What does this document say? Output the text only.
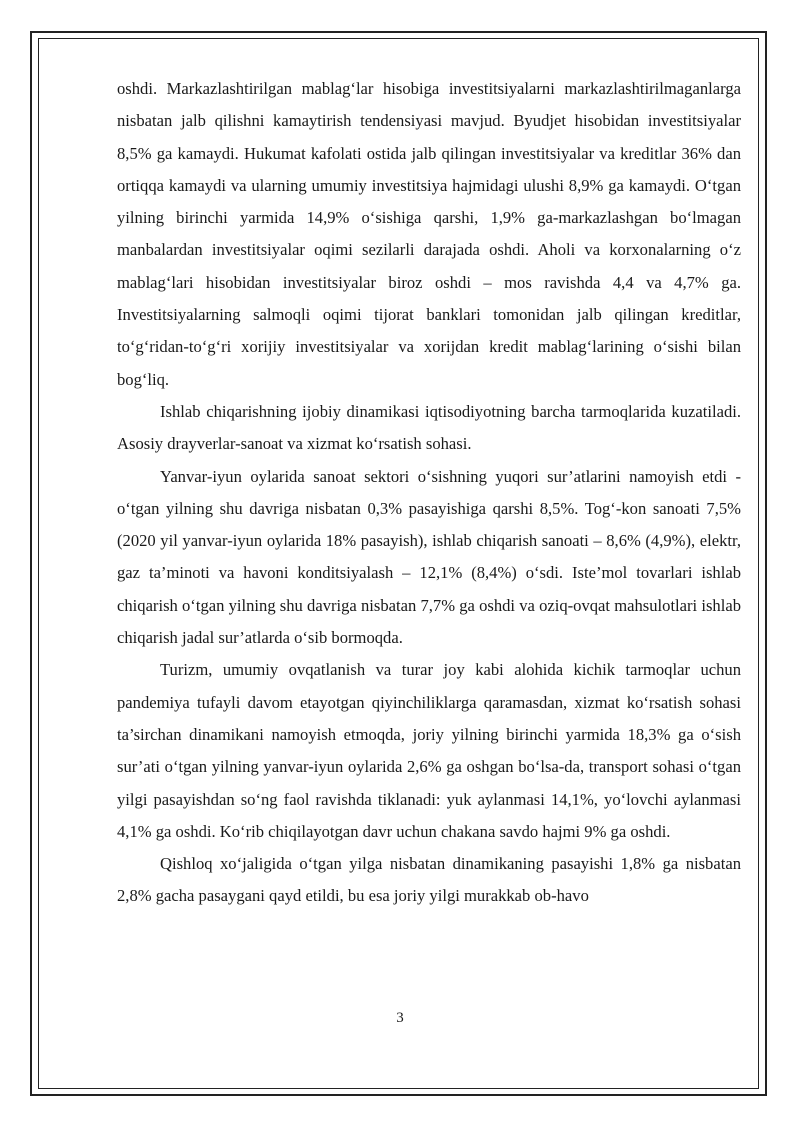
oshdi. Markazlashtirilgan mablag‘lar hisobiga investitsiyalarni markazlashtirilmaganlarga nisbatan jalb qilishni kamaytirish tendensiyasi mavjud. Byudjet hisobidan investitsiyalar 8,5% ga kamaydi. Hukumat kafolati ostida jalb qilingan investitsiyalar va kreditlar 36% dan ortiqqa kamaydi va ularning umumiy investitsiya hajmidagi ulushi 8,9% ga kamaydi. O‘tgan yilning birinchi yarmida 14,9% o‘sishiga qarshi, 1,9% ga-markazlashgan bo‘lmagan manbalardan investitsiyalar oqimi sezilarli darajada oshdi. Aholi va korxonalarning o‘z mablag‘lari hisobidan investitsiyalar biroz oshdi – mos ravishda 4,4 va 4,7% ga. Investitsiyalarning salmoqli oqimi tijorat banklari tomonidan jalb qilingan kreditlar, to‘g‘ridan-to‘g‘ri xorijiy investitsiyalar va xorijdan kredit mablag‘larining o‘sishi bilan bog‘liq.

Ishlab chiqarishning ijobiy dinamikasi iqtisodiyotning barcha tarmoqlarida kuzatiladi. Asosiy drayverlar-sanoat va xizmat ko‘rsatish sohasi.

Yanvar-iyun oylarida sanoat sektori o‘sishning yuqori sur’atlarini namoyish etdi - o‘tgan yilning shu davriga nisbatan 0,3% pasayishiga qarshi 8,5%. Tog‘-kon sanoati 7,5% (2020 yil yanvar-iyun oylarida 18% pasayish), ishlab chiqarish sanoati – 8,6% (4,9%), elektr, gaz ta’minoti va havoni konditsiyalash – 12,1% (8,4%) o‘sdi. Iste’mol tovarlari ishlab chiqarish o‘tgan yilning shu davriga nisbatan 7,7% ga oshdi va oziq-ovqat mahsulotlari ishlab chiqarish jadal sur’atlarda o‘sib bormoqda.

Turizm, umumiy ovqatlanish va turar joy kabi alohida kichik tarmoqlar uchun pandemiya tufayli davom etayotgan qiyinchiliklarga qaramasdan, xizmat ko‘rsatish sohasi ta’sirchan dinamikani namoyish etmoqda, joriy yilning birinchi yarmida 18,3% ga o‘sish sur’ati o‘tgan yilning yanvar-iyun oylarida 2,6% ga oshgan bo‘lsa-da, transport sohasi o‘tgan yilgi pasayishdan so‘ng faol ravishda tiklanadi: yuk aylanmasi 14,1%, yo‘lovchi aylanmasi 4,1% ga oshdi. Ko‘rib chiqilayotgan davr uchun chakana savdo hajmi 9% ga oshdi.

Qishloq xo‘jaligida o‘tgan yilga nisbatan dinamikaning pasayishi 1,8% ga nisbatan 2,8% gacha pasaygani qayd etildi, bu esa joriy yilgi murakkab ob-havo

3
